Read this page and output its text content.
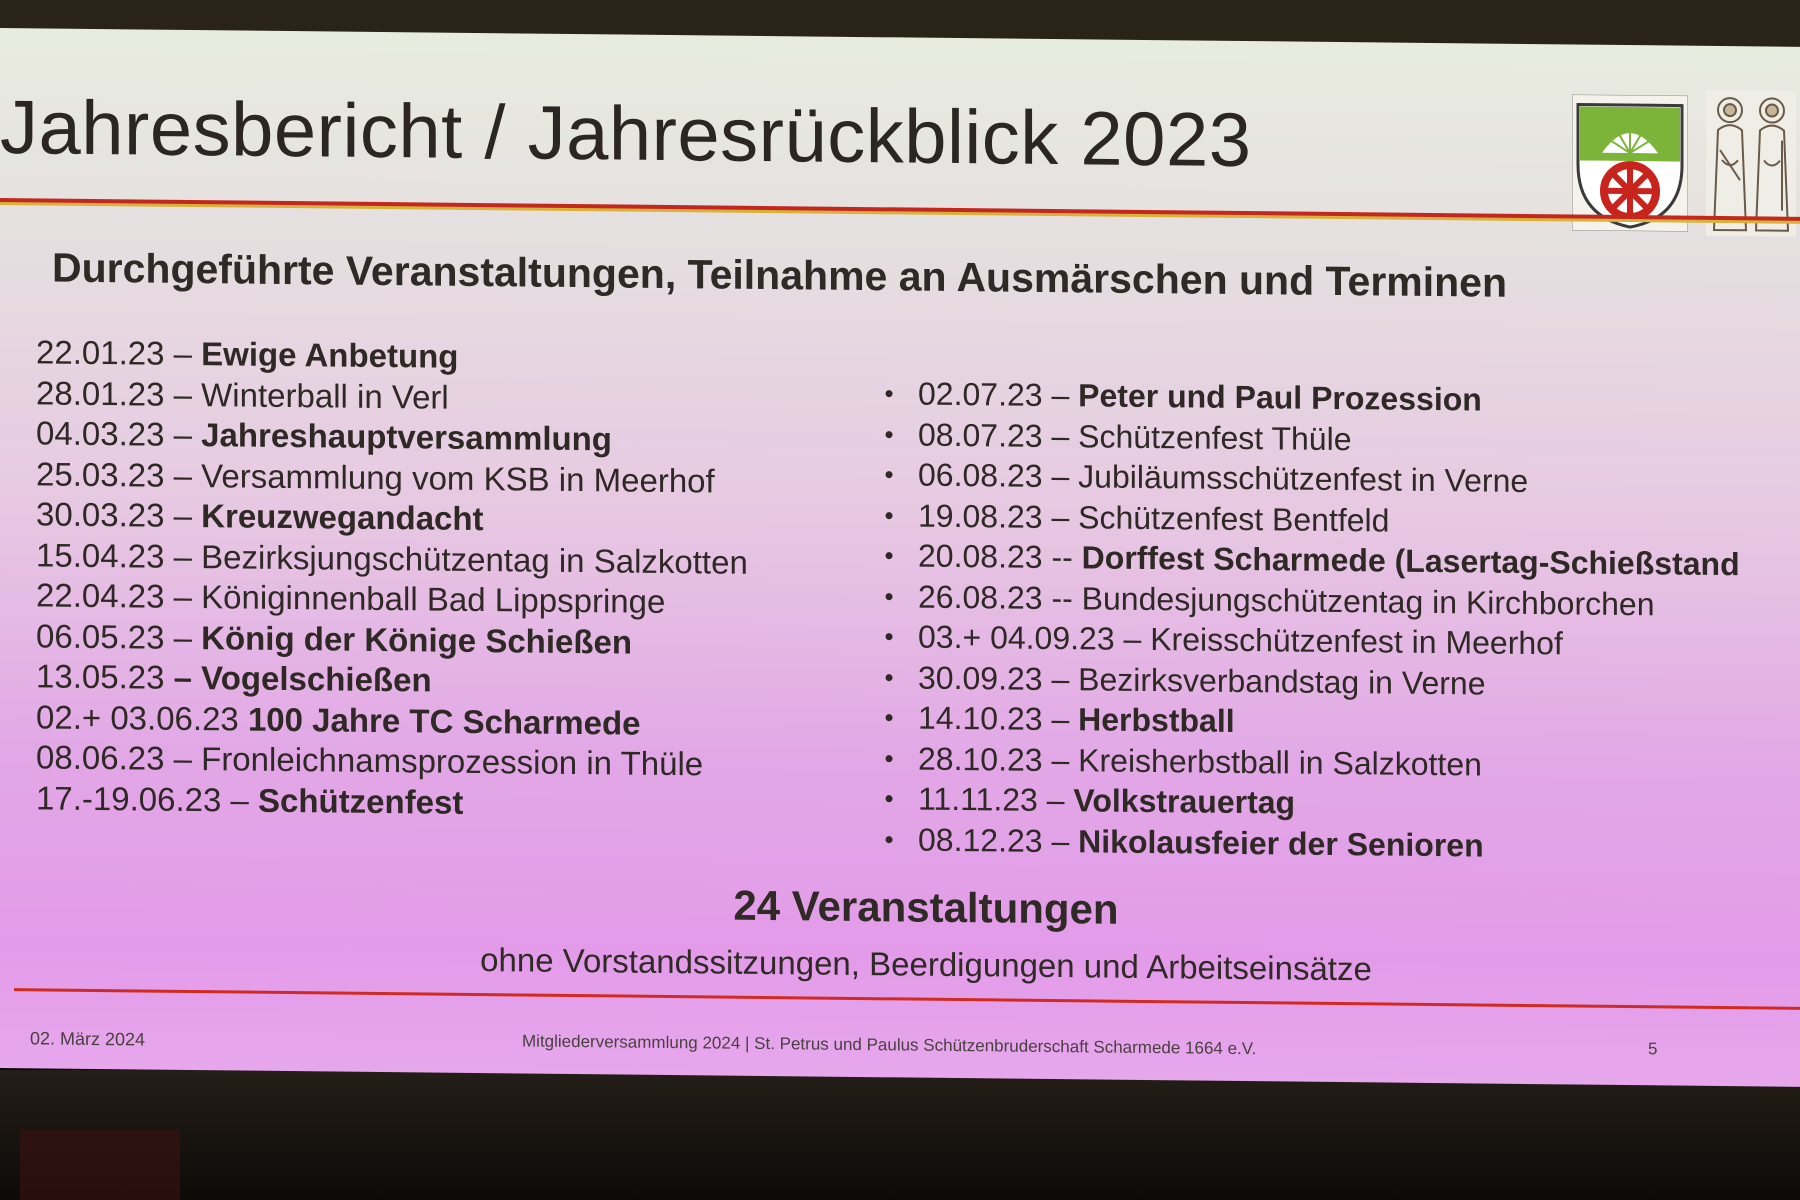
Jahresbericht / Jahresrückblick 2023
Durchgeführte Veranstaltungen, Teilnahme an Ausmärschen und Terminen
22.01.23 – Ewige Anbetung
28.01.23 – Winterball in Verl
04.03.23 – Jahreshauptversammlung
25.03.23 – Versammlung vom KSB in Meerhof
30.03.23 – Kreuzwegandacht
15.04.23 – Bezirksjungschützentag in Salzkotten
22.04.23 – Königinnenball Bad Lippspringe
06.05.23 – König der Könige Schießen
13.05.23 – Vogelschießen
02.+ 03.06.23 100 Jahre TC Scharmede
08.06.23 – Fronleichnamsprozession in Thüle
17.-19.06.23 – Schützenfest
• 02.07.23 – Peter und Paul Prozession
• 08.07.23 – Schützenfest Thüle
• 06.08.23 – Jubiläumsschützenfest in Verne
• 19.08.23 – Schützenfest Bentfeld
• 20.08.23 -- Dorffest Scharmede (Lasertag-Schießstand
• 26.08.23 -- Bundesjungschützentag in Kirchborchen
• 03.+ 04.09.23 – Kreisschützenfest in Meerhof
• 30.09.23 – Bezirksverbandstag in Verne
• 14.10.23 – Herbstball
• 28.10.23 – Kreisherbstball in Salzkotten
• 11.11.23 – Volkstrauertag
• 08.12.23 – Nikolausfeier der Senioren

24 Veranstaltungen

ohne Vorstandssitzungen, Beerdigungen und Arbeitseinsätze

02. März 2024	Mitgliederversammlung 2024 | St. Petrus und Paulus Schützenbruderschaft Scharmede 1664 e.V.	5
